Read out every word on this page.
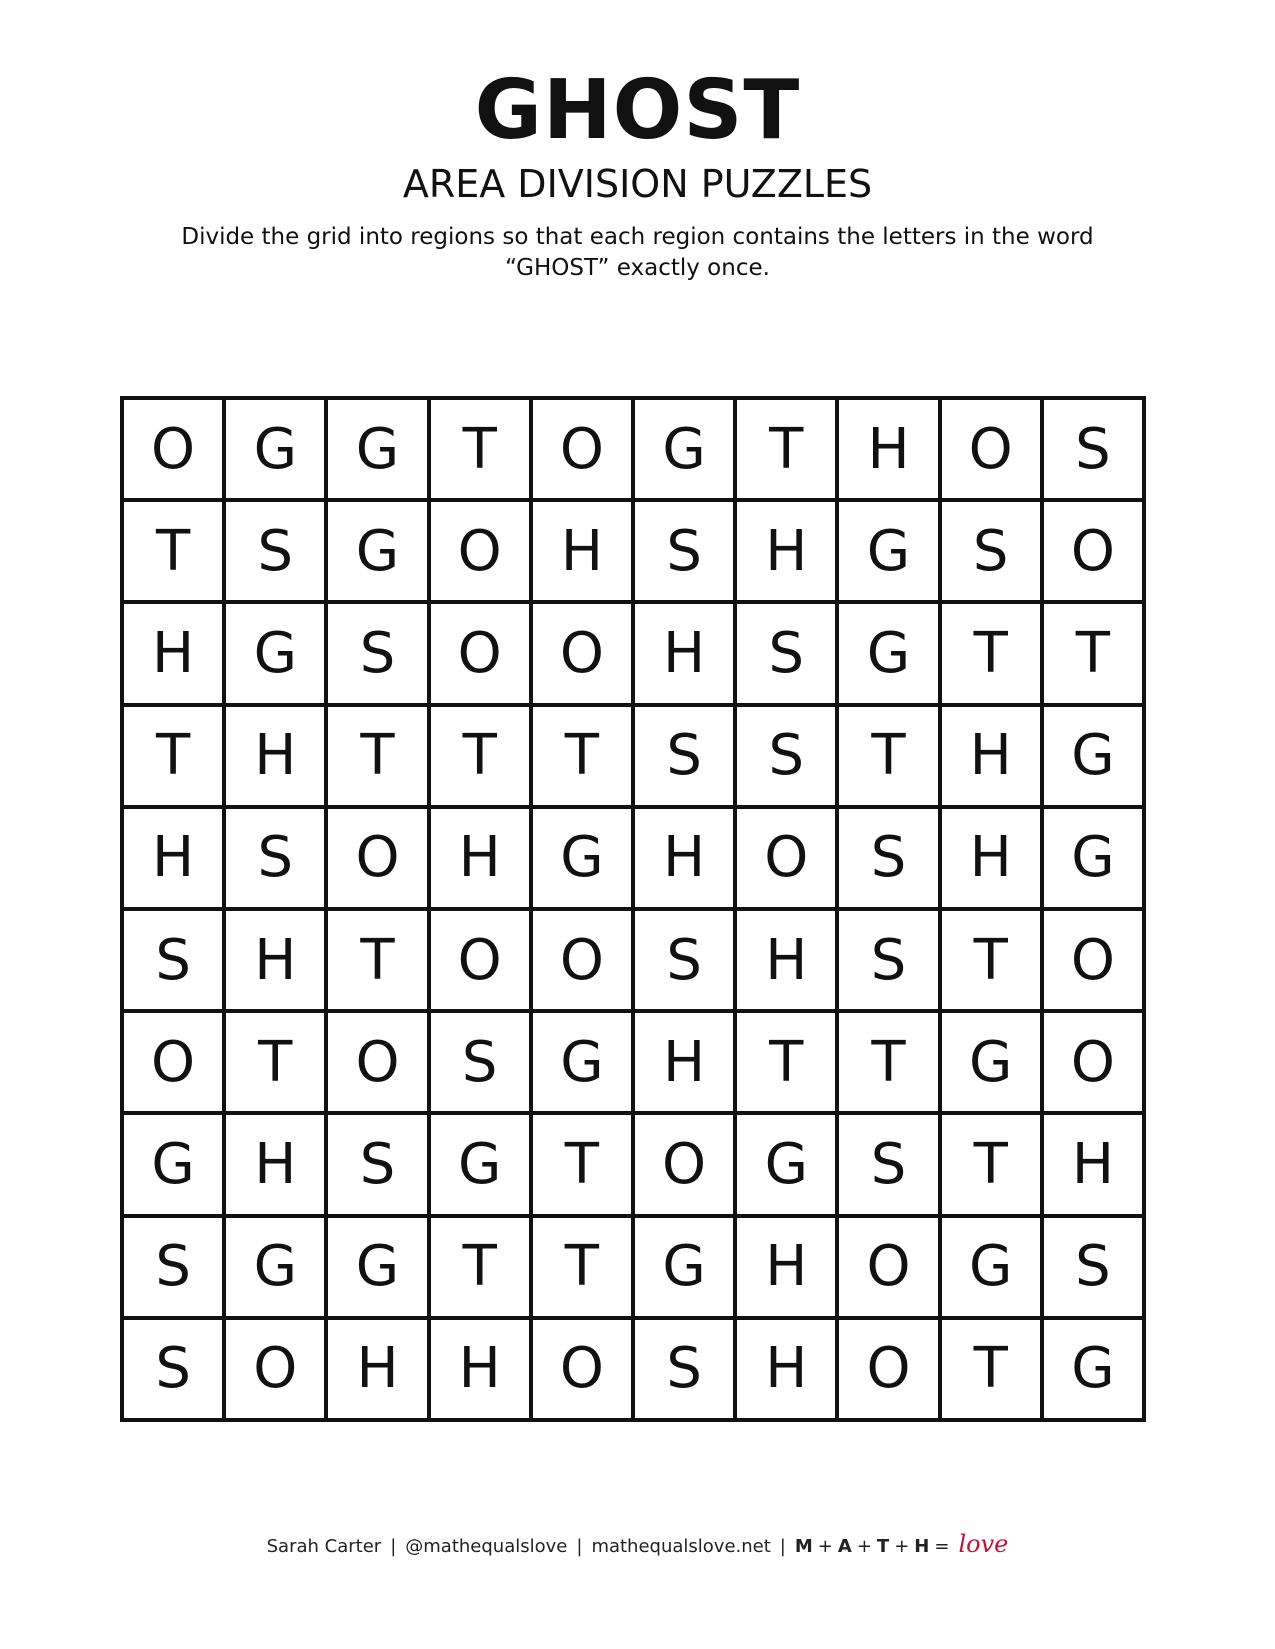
GHOST
AREA DIVISION PUZZLES
Divide the grid into regions so that each region contains the letters in the word “GHOST” exactly once.
O	G	G	T	O	G	T	H	O	S
T	S	G	O	H	S	H	G	S	O
H	G	S	O	O	H	S	G	T	T
T	H	T	T	T	S	S	T	H	G
H	S	O	H	G	H	O	S	H	G
S	H	T	O	O	S	H	S	T	O
O	T	O	S	G	H	T	T	G	O
G	H	S	G	T	O	G	S	T	H
S	G	G	T	T	G	H	O	G	S
S	O	H	H	O	S	H	O	T	G
Sarah Carter | @mathequalslove | mathequalslove.net | M + A + T + H = love
